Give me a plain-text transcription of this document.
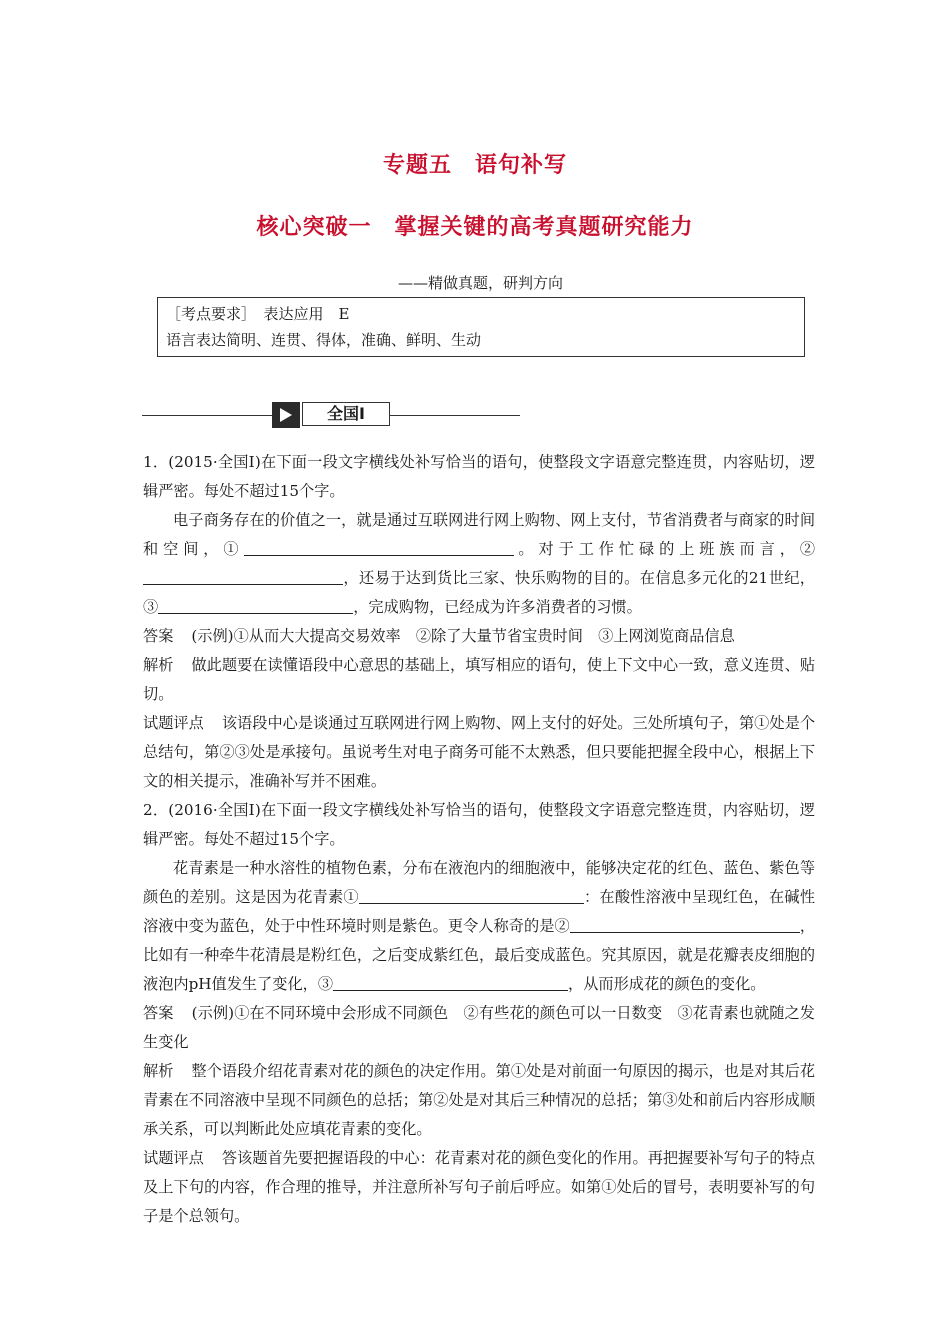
专题五　语句补写
核心突破一　掌握关键的高考真题研究能力
——精做真题，研判方向
［考点要求］　表达应用　E
语言表达简明、连贯、得体，准确、鲜明、生动
全国Ⅰ

1．(2015·全国Ⅰ)在下面一段文字横线处补写恰当的语句，使整段文字语意完整连贯，内容贴切，逻辑严密。每处不超过15个字。

电子商务存在的价值之一，就是通过互联网进行网上购物、网上支付，节省消费者与商家的时间和空间，①	。对于工作忙碌的上班族而言，②，还易于达到货比三家、快乐购物的目的。在信息多元化的21世纪，③	，完成购物，已经成为许多消费者的习惯。

答案 (示例)①从而大大提高交易效率　②除了大量节省宝贵时间　③上网浏览商品信息

解析 做此题要在读懂语段中心意思的基础上，填写相应的语句，使上下文中心一致，意义连贯、贴切。

试题评点 该语段中心是谈通过互联网进行网上购物、网上支付的好处。三处所填句子，第①处是个总结句，第②③处是承接句。虽说考生对电子商务可能不太熟悉，但只要能把握全段中心，根据上下文的相关提示，准确补写并不困难。

2．(2016·全国Ⅰ)在下面一段文字横线处补写恰当的语句，使整段文字语意完整连贯，内容贴切，逻辑严密。每处不超过15个字。

花青素是一种水溶性的植物色素，分布在液泡内的细胞液中，能够决定花的红色、蓝色、紫色等颜色的差别。这是因为花青素①	：在酸性溶液中呈现红色，在碱性溶液中变为蓝色，处于中性环境时则是紫色。更令人称奇的是②	，比如有一种牵牛花清晨是粉红色，之后变成紫红色，最后变成蓝色。究其原因，就是花瓣表皮细胞的液泡内pH值发生了变化，③	，从而形成花的颜色的变化。

答案 (示例)①在不同环境中会形成不同颜色　②有些花的颜色可以一日数变　③花青素也就随之发生变化

解析 整个语段介绍花青素对花的颜色的决定作用。第①处是对前面一句原因的揭示，也是对其后花青素在不同溶液中呈现不同颜色的总括；第②处是对其后三种情况的总括；第③处和前后内容形成顺承关系，可以判断此处应填花青素的变化。

试题评点 答该题首先要把握语段的中心：花青素对花的颜色变化的作用。再把握要补写句子的特点及上下句的内容，作合理的推导，并注意所补写句子前后呼应。如第①处后的冒号，表明要补写的句子是个总领句。
